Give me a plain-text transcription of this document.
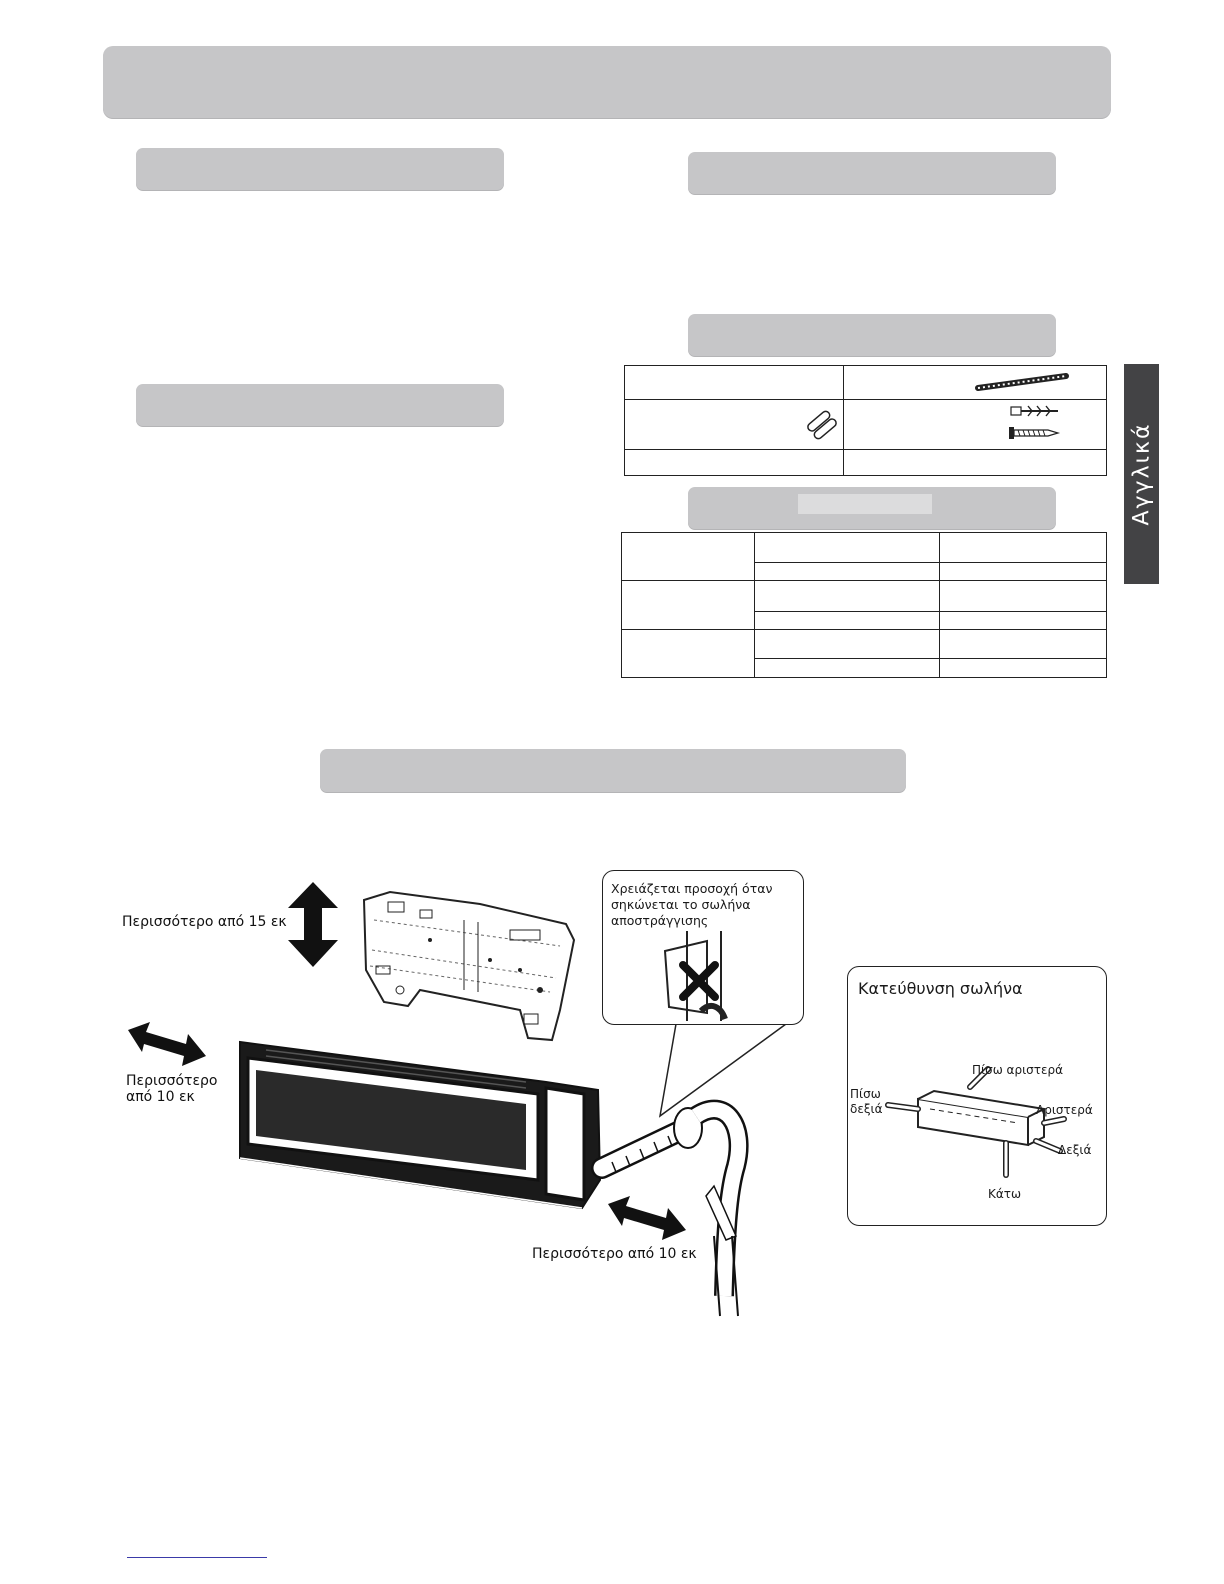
Αγγλικά

Περισσότερο από 15 εκ
Περισσότερο
από 10 εκ
Περισσότερο από 10 εκ
Χρειάζεται προσοχή όταν
σηκώνεται το σωλήνα
αποστράγγισης
Κατεύθυνση σωλήνα
Πίσω αριστερά
Πίσω
δεξιά	Αριστερά
Δεξιά
Κάτω
